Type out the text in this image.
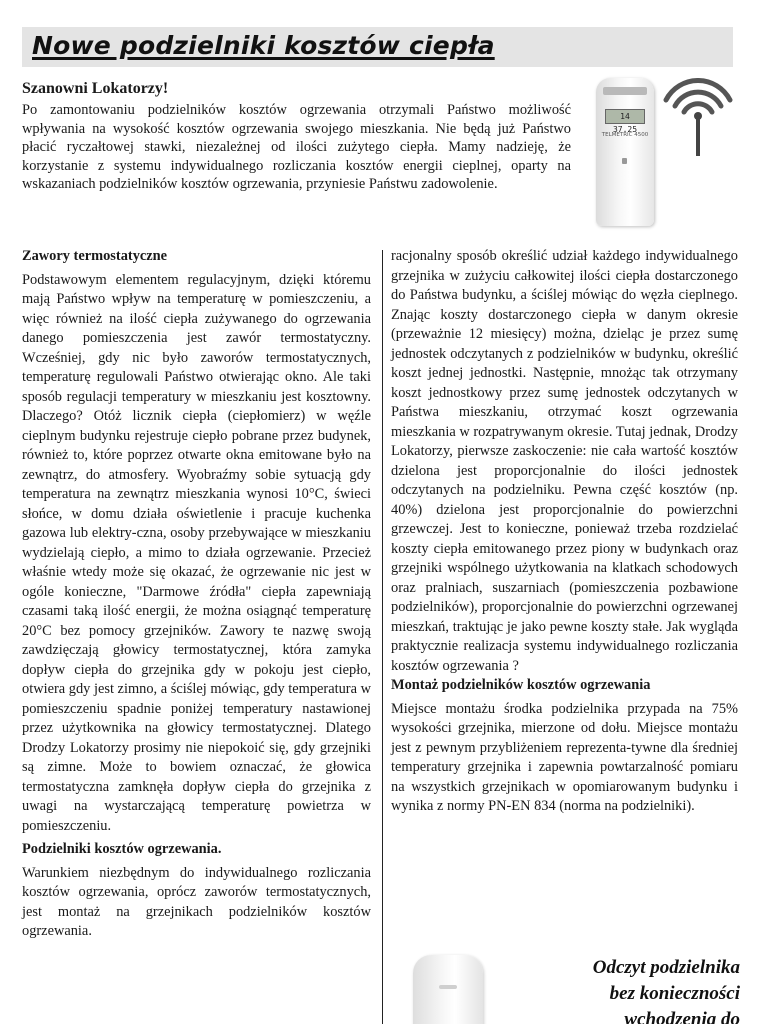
Nowe podzielniki kosztów ciepła
Szanowni Lokatorzy!
Po zamontowaniu podzielników kosztów ogrzewania otrzymali Państwo możliwość wpływania na wysokość kosztów ogrzewania swojego mieszkania. Nie będą już Państwo płacić ryczałtowej stawki, niezależnej od ilości zużytego ciepła. Mamy nadzieję, że korzystanie z systemu indywidualnego rozliczania kosztów energii cieplnej, oparty na wskazaniach podzielników kosztów ogrzewania, przyniesie Państwu zadowolenie.
14 37.25
TELMETRIC 4500
Zawory termostatyczne

Podstawowym elementem regulacyjnym, dzięki któremu mają Państwo wpływ na temperaturę w pomieszczeniu, a więc również na ilość ciepła zużywanego do ogrzewania danego pomieszczenia jest zawór termostatyczny. Wcześniej, gdy nic było zaworów termostatycznych, temperaturę regulowali Państwo otwierając okno. Ale taki sposób regulacji temperatury w mieszkaniu jest kosztowny. Dlaczego? Otóż licznik ciepła (ciepłomierz) w węźle cieplnym budynku rejestruje ciepło pobrane przez budynek, również to, które poprzez otwarte okna emitowane było na zewnątrz, do atmosfery. Wyobraźmy sobie sytuacją gdy temperatura na zewnątrz mieszkania wynosi 10°C, świeci słońce, w domu działa oświetlenie i pracuje kuchenka gazowa lub elektry-czna, osoby przebywające w mieszkaniu wydzielają ciepło, a mimo to działa ogrzewanie. Przecież właśnie wtedy może się okazać, że ogrzewanie nic jest w ogóle konieczne, "Darmowe źródła" ciepła zapewniają czasami taką ilość energii, że można osiągnąć temperaturę 20°C bez pomocy grzejników. Zawory te nazwę swoją zawdzięczają głowicy termostatycznej, która zamyka dopływ ciepła do grzejnika gdy w pokoju jest ciepło, otwiera gdy jest zimno, a ściślej mówiąc, gdy temperatura w pomieszczeniu spadnie poniżej temperatury nastawionej przez użytkownika na głowicy termostatycznej. Dlatego Drodzy Lokatorzy prosimy nie niepokoić się, gdy grzejniki są zimne. Może to bowiem oznaczać, że głowica termostatyczna zamknęła dopływ ciepła do grzejnika z uwagi na wystarczającą temperaturę powietrza w pomieszczeniu.

Podzielniki kosztów ogrzewania.

Warunkiem niezbędnym do indywidualnego rozliczania kosztów ogrzewania, oprócz zaworów termostatycznych, jest montaż na grzejnikach podzielników kosztów ogrzewania.

racjonalny sposób określić udział każdego indywidualnego grzejnika w zużyciu całkowitej ilości ciepła dostarczonego do Państwa budynku, a ściślej mówiąc do węzła cieplnego. Znając koszty dostarczonego ciepła w danym okresie (przeważnie 12 miesięcy) można, dzieląc je przez sumę jednostek odczytanych z podzielników w budynku, określić koszt jednej jednostki. Następnie, mnożąc tak otrzymany koszt jednostkowy przez sumę jednostek odczytanych w Państwa mieszkaniu, otrzymać koszt ogrzewania mieszkania w rozpatrywanym okresie. Tutaj jednak, Drodzy Lokatorzy, pierwsze zaskoczenie: nie cała wartość kosztów dzielona jest proporcjonalnie do ilości jednostek odczytanych na podzielniku. Pewna część kosztów (np. 40%) dzielona jest proporcjonalnie do powierzchni grzewczej. Jest to konieczne, ponieważ trzeba rozdzielać koszty ciepła emitowanego przez piony w budynkach oraz grzejniki wspólnego użytkowania na klatkach schodowych oraz pralniach, suszarniach (pomieszczenia pozbawione podzielników), proporcjonalnie do powierzchni ogrzewanej mieszkań, traktując je jako pewne koszty stałe. Jak wygląda praktycznie realizacja systemu indywidualnego rozliczania kosztów ogrzewania ?

Montaż podzielników kosztów ogrzewania

Miejsce montażu środka podzielnika przypada na 75% wysokości grzejnika, mierzone od dołu. Miejsce montażu jest z pewnym przybliżeniem reprezenta-tywne dla średniej temperatury grzejnika i zapewnia powtarzalność pomiaru na wszystkich grzejnikach w opomiarowanym budynku i wynika z normy PN-EN 834 (norma na podzielniki).

Odczyt podzielnika
bez konieczności
wchodzenia do
